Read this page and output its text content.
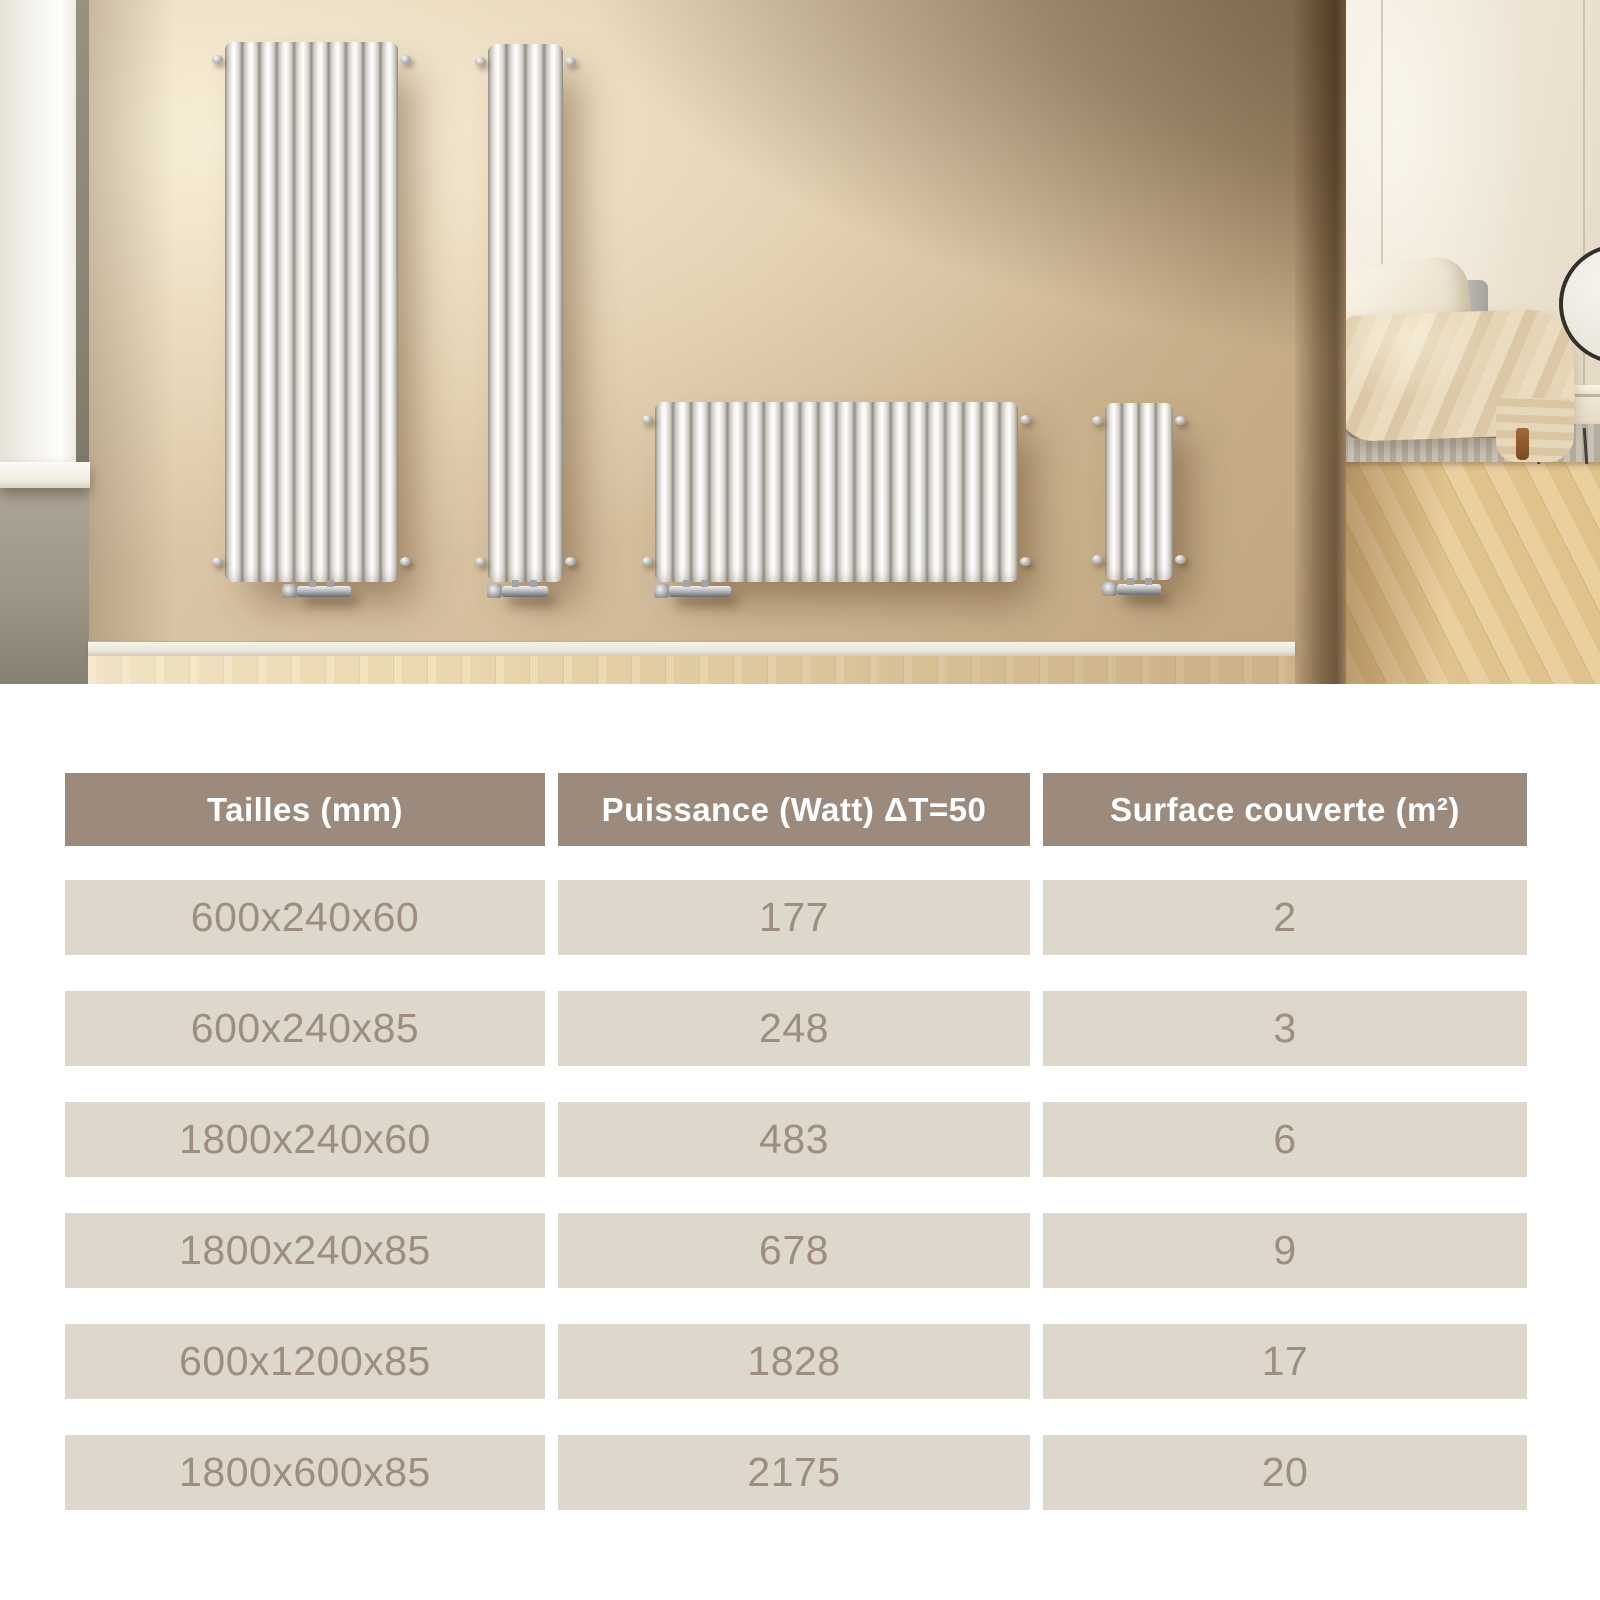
Tailles (mm)	Puissance (Watt) ΔT=50	Surface couverte (m²)
600x240x60	177	2
600x240x85	248	3
1800x240x60	483	6
1800x240x85	678	9
600x1200x85	1828	17
1800x600x85	2175	20
